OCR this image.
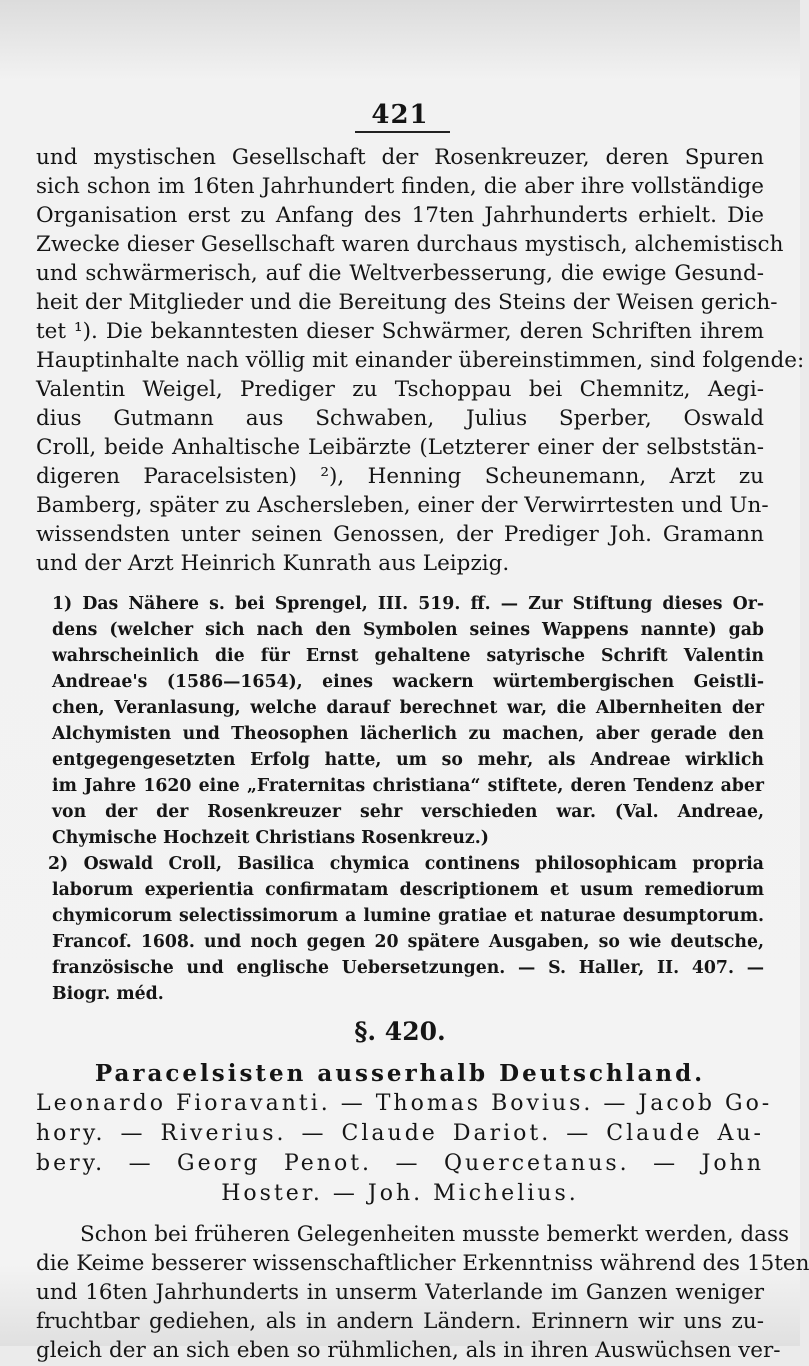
421
und mystischen Gesellschaft der Rosenkreuzer, deren Spuren
sich schon im 16ten Jahrhundert finden, die aber ihre vollständige
Organisation erst zu Anfang des 17ten Jahrhunderts erhielt. Die
Zwecke dieser Gesellschaft waren durchaus mystisch, alchemistisch
und schwärmerisch, auf die Weltverbesserung, die ewige Gesund-
heit der Mitglieder und die Bereitung des Steins der Weisen gerich-
tet ¹). Die bekanntesten dieser Schwärmer, deren Schriften ihrem
Hauptinhalte nach völlig mit einander übereinstimmen, sind folgende:
Valentin Weigel, Prediger zu Tschoppau bei Chemnitz, Aegi-
dius Gutmann aus Schwaben, Julius Sperber, Oswald
Croll, beide Anhaltische Leibärzte (Letzterer einer der selbststän-
digeren Paracelsisten) ²), Henning Scheunemann, Arzt zu
Bamberg, später zu Aschersleben, einer der Verwirrtesten und Un-
wissendsten unter seinen Genossen, der Prediger Joh. Gramann
und der Arzt Heinrich Kunrath aus Leipzig.
1) Das Nähere s. bei Sprengel, III. 519. ff. — Zur Stiftung dieses Or-
dens (welcher sich nach den Symbolen seines Wappens nannte) gab
wahrscheinlich die für Ernst gehaltene satyrische Schrift Valentin
Andreae's (1586—1654), eines wackern würtembergischen Geistli-
chen, Veranlasung, welche darauf berechnet war, die Albernheiten der
Alchymisten und Theosophen lächerlich zu machen, aber gerade den
entgegengesetzten Erfolg hatte, um so mehr, als Andreae wirklich
im Jahre 1620 eine „Fraternitas christiana“ stiftete, deren Tendenz aber
von der der Rosenkreuzer sehr verschieden war. (Val. Andreae,
Chymische Hochzeit Christians Rosenkreuz.)
2) Oswald Croll, Basilica chymica continens philosophicam propria
laborum experientia confirmatam descriptionem et usum remediorum
chymicorum selectissimorum a lumine gratiae et naturae desumptorum.
Francof. 1608. und noch gegen 20 spätere Ausgaben, so wie deutsche,
französische und englische Uebersetzungen. — S. Haller, II. 407. —
Biogr. méd.
§. 420.
Paracelsisten ausserhalb Deutschland.
Leonardo Fioravanti. — Thomas Bovius. — Jacob Go-
hory. — Riverius. — Claude Dariot. — Claude Au-
bery. — Georg Penot. — Quercetanus. — John
Hoster. — Joh. Michelius.
Schon bei früheren Gelegenheiten musste bemerkt werden, dass
die Keime besserer wissenschaftlicher Erkenntniss während des 15ten
und 16ten Jahrhunderts in unserm Vaterlande im Ganzen weniger
fruchtbar gediehen, als in andern Ländern. Erinnern wir uns zu-
gleich der an sich eben so rühmlichen, als in ihren Auswüchsen ver-
